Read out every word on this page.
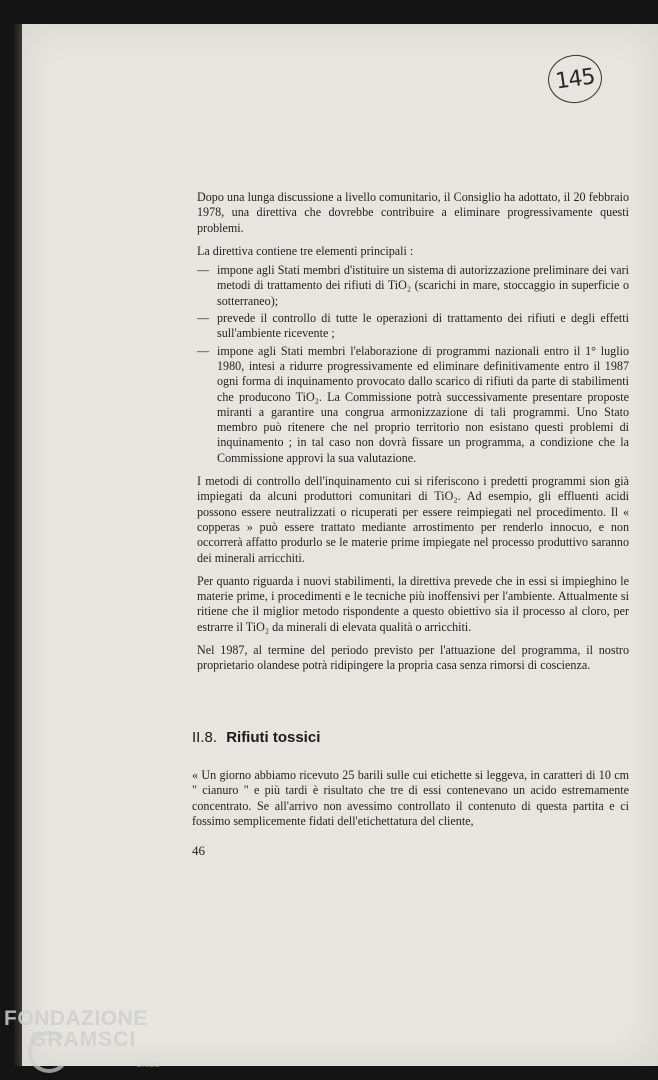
145

Dopo una lunga discussione a livello comunitario, il Consiglio ha adottato, il 20 febbraio 1978, una direttiva che dovrebbe contribuire a eliminare progressivamente questi problemi.

La direttiva contiene tre elementi principali :

— impone agli Stati membri d'istituire un sistema di autorizzazione preliminare dei vari metodi di trattamento dei rifiuti di TiO₂ (scarichi in mare, stoccaggio in superficie o sotterraneo);
— prevede il controllo di tutte le operazioni di trattamento dei rifiuti e degli effetti sull'ambiente ricevente ;
— impone agli Stati membri l'elaborazione di programmi nazionali entro il 1° luglio 1980, intesi a ridurre progressivamente ed eliminare definitivamente entro il 1987 ogni forma di inquinamento provocato dallo scarico di rifiuti da parte di stabilimenti che producono TiO₂. La Commissione potrà successivamente presentare proposte miranti a garantire una congrua armonizzazione di tali programmi. Uno Stato membro può ritenere che nel proprio territorio non esistano questi problemi di inquinamento ; in tal caso non dovrà fissare un programma, a condizione che la Commissione approvi la sua valutazione.

I metodi di controllo dell'inquinamento cui si riferiscono i predetti programmi sion già impiegati da alcuni produttori comunitari di TiO₂. Ad esempio, gli effluenti acidi possono essere neutralizzati o ricuperati per essere reimpiegati nel procedimento. Il « copperas » può essere trattato mediante arrostimento per renderlo innocuo, e non occorrerà affatto produrlo se le materie prime impiegate nel processo produttivo saranno dei minerali arricchiti.

Per quanto riguarda i nuovi stabilimenti, la direttiva prevede che in essi si impieghino le materie prime, i procedimenti e le tecniche più inoffensivi per l'ambiente. Attualmente si ritiene che il miglior metodo rispondente a questo obiettivo sia il processo al cloro, per estrarre il TiO₂ da minerali di elevata qualità o arricchiti.

Nel 1987, al termine del periodo previsto per l'attuazione del programma, il nostro proprietario olandese potrà ridipingere la propria casa senza rimorsi di coscienza.

II.8. Rifiuti tossici

« Un giorno abbiamo ricevuto 25 barili sulle cui etichette si leggeva, in caratteri di 10 cm " cianuro " e più tardi è risultato che tre di essi contenevano un acido estremamente concentrato. Se all'arrivo non avessimo controllato il contenuto di questa partita e ci fossimo semplicemente fidati dell'etichettatura del cliente,

46
FONDAZIONE
GRAMSCI
onlus
